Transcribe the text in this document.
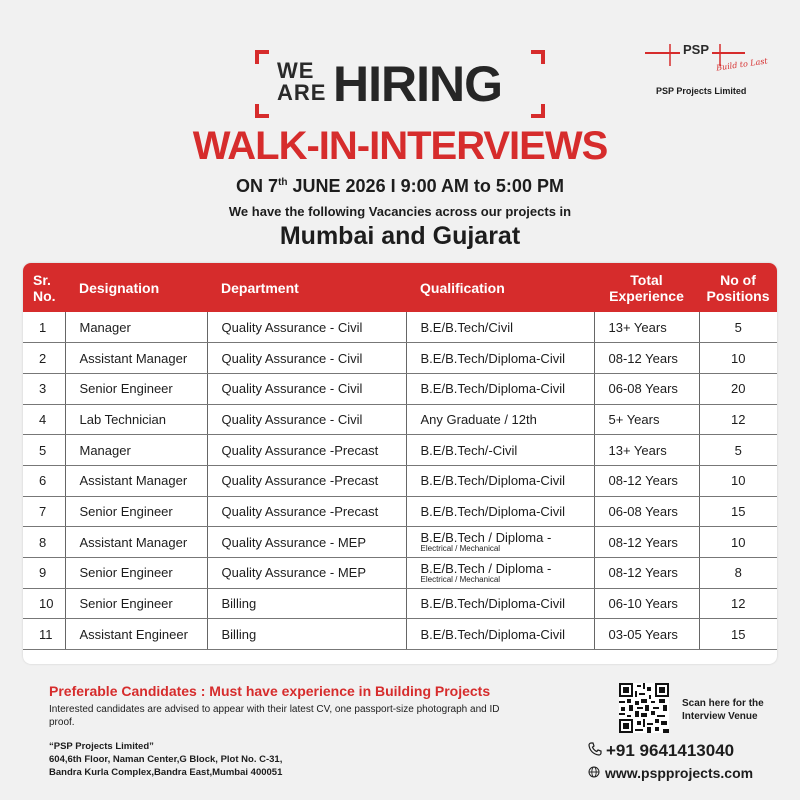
WE ARE HIRING
PSP
Build to Last
PSP Projects Limited
WALK-IN-INTERVIEWS
ON 7th JUNE 2026 I 9:00 AM to 5:00 PM
We have the following Vacancies across our projects in
Mumbai and Gujarat
Sr. No.	Designation	Department	Qualification	Total Experience	No of Positions
1	Manager	Quality Assurance - Civil	B.E/B.Tech/Civil	13+ Years	5
2	Assistant Manager	Quality Assurance - Civil	B.E/B.Tech/Diploma-Civil	08-12 Years	10
3	Senior Engineer	Quality Assurance - Civil	B.E/B.Tech/Diploma-Civil	06-08 Years	20
4	Lab Technician	Quality Assurance - Civil	Any Graduate / 12th	5+ Years	12
5	Manager	Quality Assurance -Precast	B.E/B.Tech/-Civil	13+ Years	5
6	Assistant Manager	Quality Assurance -Precast	B.E/B.Tech/Diploma-Civil	08-12 Years	10
7	Senior Engineer	Quality Assurance -Precast	B.E/B.Tech/Diploma-Civil	06-08 Years	15
8	Assistant Manager	Quality Assurance - MEP	B.E/B.Tech / Diploma -
Electrical / Mechanical	08-12 Years	10
9	Senior Engineer	Quality Assurance - MEP	B.E/B.Tech / Diploma -
Electrical / Mechanical	08-12 Years	8
10	Senior Engineer	Billing	B.E/B.Tech/Diploma-Civil	06-10 Years	12
11	Assistant Engineer	Billing	B.E/B.Tech/Diploma-Civil	03-05 Years	15
Preferable Candidates : Must have experience in Building Projects
Interested candidates are advised to appear with their latest CV, one passport-size photograph and ID proof.
“PSP Projects Limited”
604,6th Floor, Naman Center,G Block, Plot No. C-31,
Bandra Kurla Complex,Bandra East,Mumbai 400051
Scan here for the
Interview Venue
+91 9641413040
www.pspprojects.com
